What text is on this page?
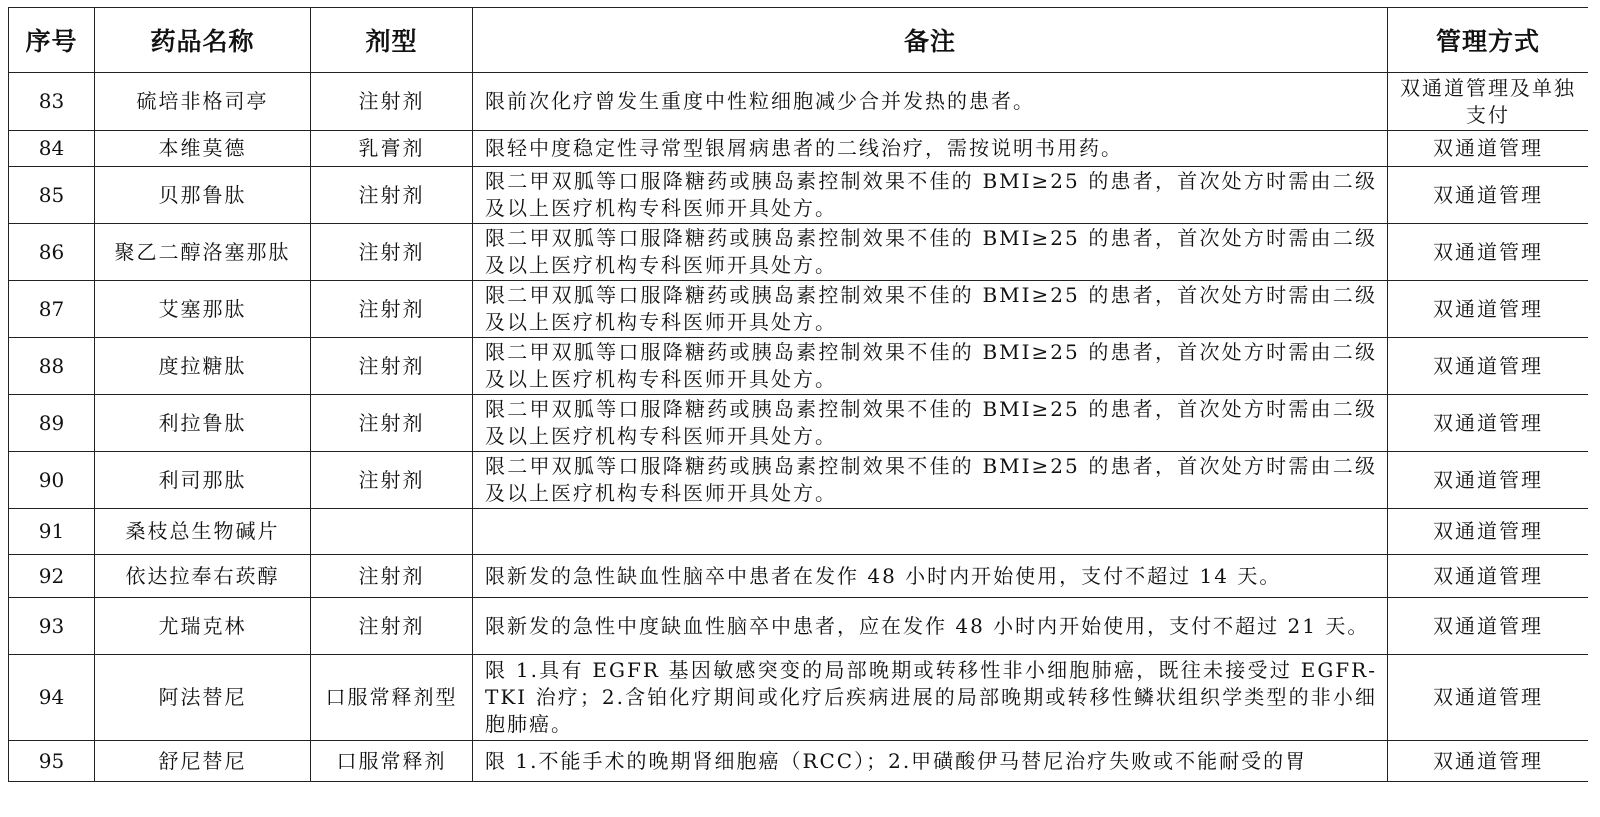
序号	药品名称	剂型	备注	管理方式
83	硫培非格司亭	注射剂	限前次化疗曾发生重度中性粒细胞减少合并发热的患者。	双通道管理及单独支付
84	本维莫德	乳膏剂	限轻中度稳定性寻常型银屑病患者的二线治疗，需按说明书用药。	双通道管理
85	贝那鲁肽	注射剂	限二甲双胍等口服降糖药或胰岛素控制效果不佳的 BMI≥25 的患者，首次处方时需由二级及以上医疗机构专科医师开具处方。	双通道管理
86	聚乙二醇洛塞那肽	注射剂	限二甲双胍等口服降糖药或胰岛素控制效果不佳的 BMI≥25 的患者，首次处方时需由二级及以上医疗机构专科医师开具处方。	双通道管理
87	艾塞那肽	注射剂	限二甲双胍等口服降糖药或胰岛素控制效果不佳的 BMI≥25 的患者，首次处方时需由二级及以上医疗机构专科医师开具处方。	双通道管理
88	度拉糖肽	注射剂	限二甲双胍等口服降糖药或胰岛素控制效果不佳的 BMI≥25 的患者，首次处方时需由二级及以上医疗机构专科医师开具处方。	双通道管理
89	利拉鲁肽	注射剂	限二甲双胍等口服降糖药或胰岛素控制效果不佳的 BMI≥25 的患者，首次处方时需由二级及以上医疗机构专科医师开具处方。	双通道管理
90	利司那肽	注射剂	限二甲双胍等口服降糖药或胰岛素控制效果不佳的 BMI≥25 的患者，首次处方时需由二级及以上医疗机构专科医师开具处方。	双通道管理
91	桑枝总生物碱片			双通道管理
92	依达拉奉右莰醇	注射剂	限新发的急性缺血性脑卒中患者在发作 48 小时内开始使用，支付不超过 14 天。	双通道管理
93	尤瑞克林	注射剂	限新发的急性中度缺血性脑卒中患者，应在发作 48 小时内开始使用，支付不超过 21 天。	双通道管理
94	阿法替尼	口服常释剂型	限 1.具有 EGFR 基因敏感突变的局部晚期或转移性非小细胞肺癌，既往未接受过 EGFR-TKI 治疗；2.含铂化疗期间或化疗后疾病进展的局部晚期或转移性鳞状组织学类型的非小细胞肺癌。	双通道管理
95	舒尼替尼	口服常释剂	限 1.不能手术的晚期肾细胞癌（RCC）；2.甲磺酸伊马替尼治疗失败或不能耐受的胃	双通道管理
